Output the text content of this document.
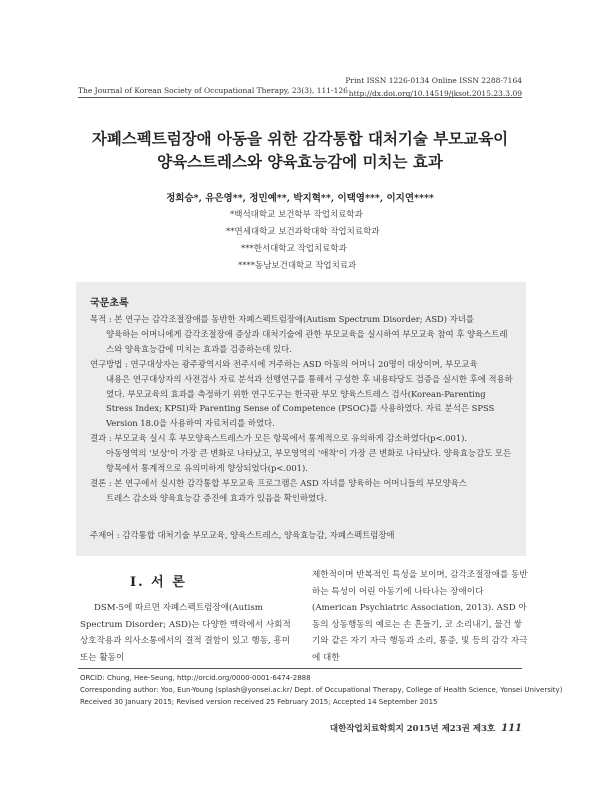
The Journal of Korean Society of Occupational Therapy, 23(3), 111-126
Print ISSN 1226-0134 Online ISSN 2288-7164
http://dx.doi.org/10.14519/jksot.2015.23.3.09
자폐스펙트럼장애 아동을 위한 감각통합 대처기술 부모교육이
양육스트레스와 양육효능감에 미치는 효과
정희승*, 유은영**, 정민예**, 박지혁**, 이택영***, 이지연****
*백석대학교 보건학부 작업치료학과
**연세대학교 보건과학대학 작업치료학과
***한서대학교 작업치료학과
****동남보건대학교 작업치료과
국문초록
목적 : 본 연구는 감각조절장애를 동반한 자폐스펙트럼장애(Autism Spectrum Disorder; ASD) 자녀를
양육하는 어머니에게 감각조절장애 증상과 대처기술에 관한 부모교육을 실시하여 부모교육 참여 후 양육스트레스와 양육효능감에 미치는 효과를 검증하는데 있다.
연구방법 : 연구대상자는 광주광역시와 전주시에 거주하는 ASD 아동의 어머니 20명이 대상이며, 부모교육
내용은 연구대상자의 사전검사 자료 분석과 선행연구를 통해서 구성한 후 내용타당도 검증을 실시한 후에 적용하였다. 부모교육의 효과를 측정하기 위한 연구도구는 한국판 부모 양육스트레스 검사(Korean-Parenting Stress Index; KPSI)와 Parenting Sense of Competence (PSOC)를 사용하였다. 자료 분석은 SPSS Version 18.0을 사용하여 자료처리를 하였다.
결과 : 부모교육 실시 후 부모양육스트레스가 모든 항목에서 통계적으로 유의하게 감소하였다(p<.001).
아동영역의 '보상'이 가장 큰 변화로 나타났고, 부모영역의 '애착'이 가장 큰 변화로 나타났다. 양육효능감도 모든 항목에서 통계적으로 유의미하게 향상되었다(p<.001).
결론 : 본 연구에서 실시한 감각통합 부모교육 프로그램은 ASD 자녀를 양육하는 어머니들의 부모양육스
트레스 감소와 양육효능감 증진에 효과가 있음을 확인하였다.
주제어 : 감각통합 대처기술 부모교육, 양육스트레스, 양육효능감, 자폐스펙트럼장애
Ⅰ. 서 론

DSM-5에 따르면 자폐스펙트럼장애(Autism Spectrum Disorder; ASD)는 다양한 맥락에서 사회적 상호작용과 의사소통에서의 결적 결함이 있고 행동, 흥미 또는 활동이

제한적이며 반복적인 특성을 보이며, 감각조절장애를 동반하는 특성이 어린 아동기에 나타나는 장애이다(American Psychiatric Association, 2013). ASD 아동의 상동행동의 예로는 손 흔들기, 코 소리내기, 물건 쌓기와 같은 자기 자극 행동과 소리, 통증, 빛 등의 감각 자극에 대한

ORCID: Chung, Hee-Seung, http://orcid.org/0000-0001-6474-2888
Corresponding author: Yoo, Eun-Young (splash@yonsei.ac.kr/ Dept. of Occupational Therapy, College of Health Science, Yonsei University)
Received 30 January 2015; Revised version received 25 February 2015; Accepted 14 September 2015
대한작업치료학회지 2015년 제23권 제3호 111
